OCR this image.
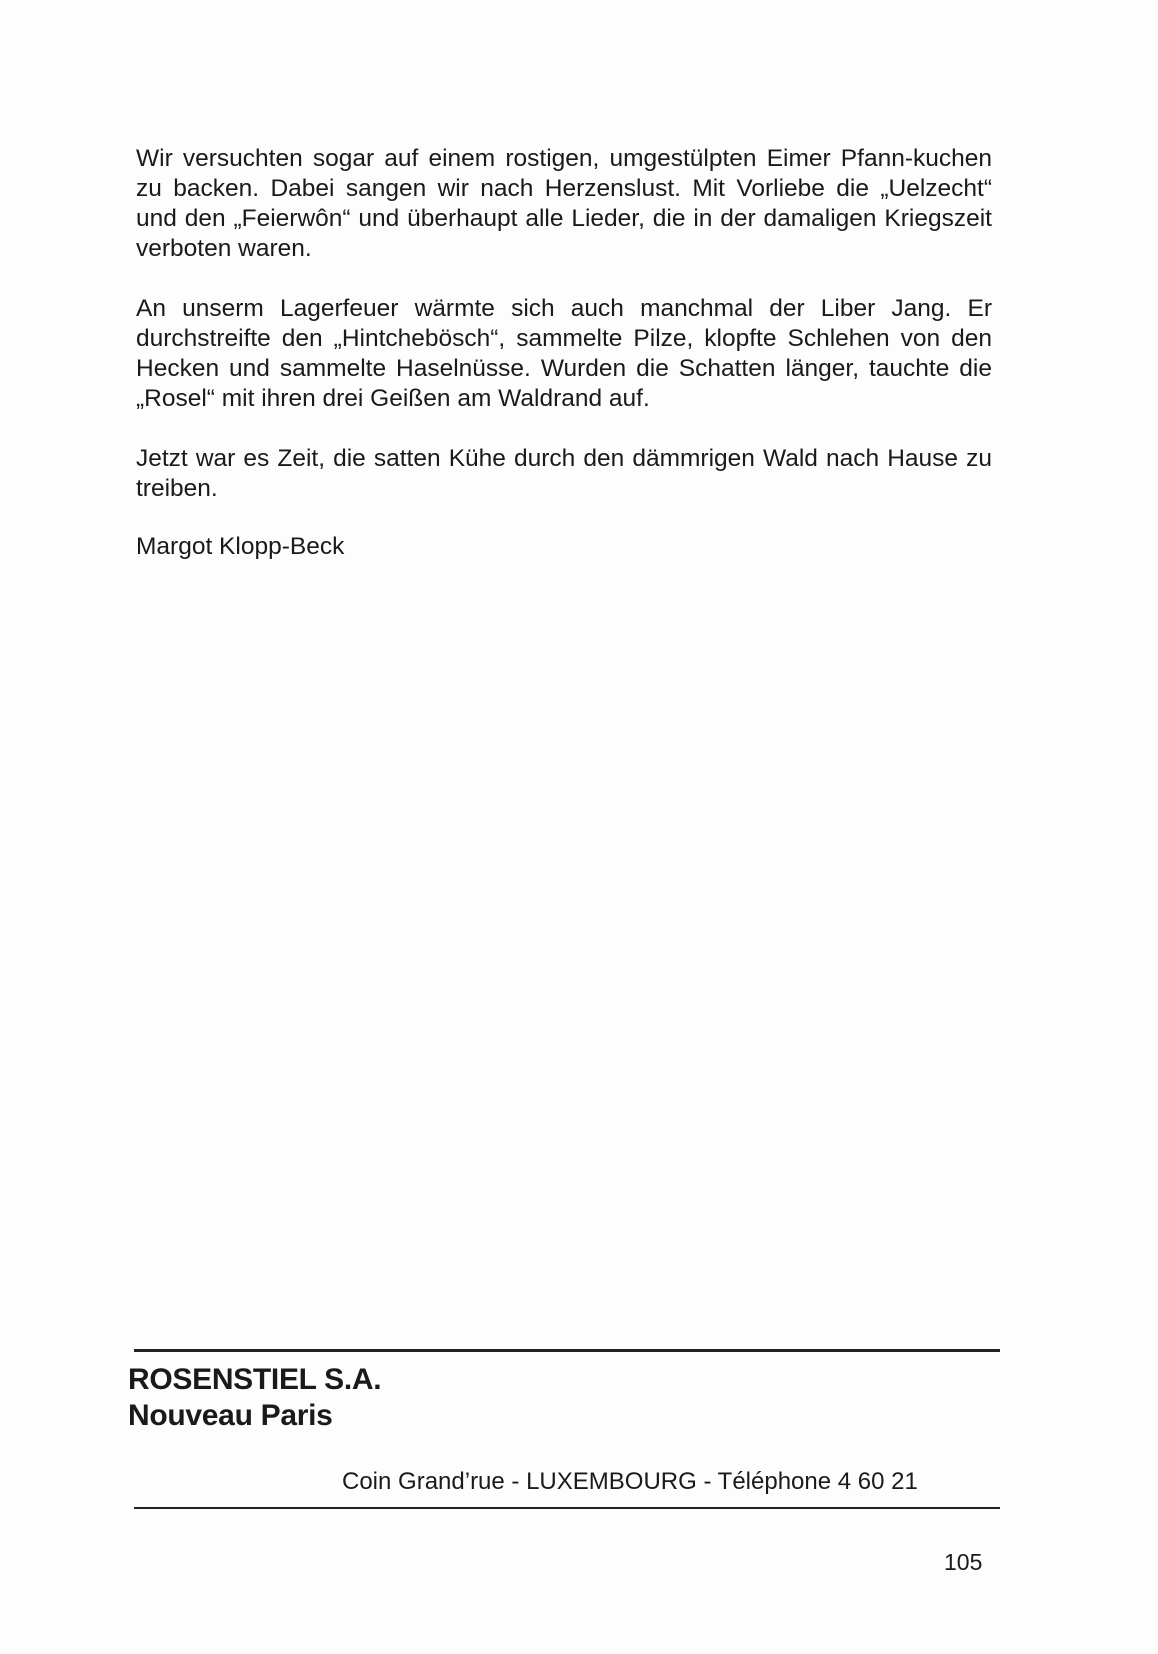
Wir versuchten sogar auf einem rostigen, umgestülpten Eimer Pfann-kuchen zu backen. Dabei sangen wir nach Herzenslust. Mit Vorliebe die „Uelzecht“ und den „Feierwôn“ und überhaupt alle Lieder, die in der damaligen Kriegszeit verboten waren.

An unserm Lagerfeuer wärmte sich auch manchmal der Liber Jang. Er durchstreifte den „Hintchebösch“, sammelte Pilze, klopfte Schlehen von den Hecken und sammelte Haselnüsse. Wurden die Schatten länger, tauchte die „Rosel“ mit ihren drei Geißen am Waldrand auf.

Jetzt war es Zeit, die satten Kühe durch den dämmrigen Wald nach Hause zu treiben.

Margot Klopp-Beck

ROSENSTIEL S.A.

Nouveau Paris

Coin Grand’rue - LUXEMBOURG - Téléphone 4 60 21

105
